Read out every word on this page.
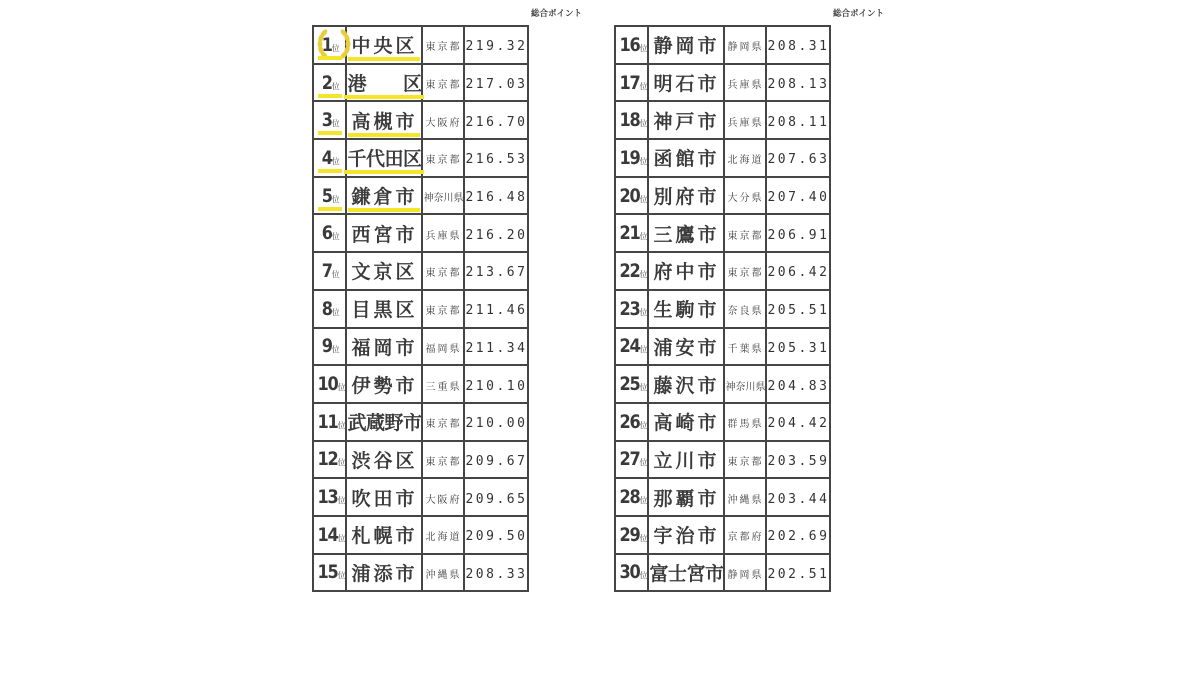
総合ポイント
1位	中央区	東京都	219.32

2位	港　　区	東京都	217.03

3位	高槻市	大阪府	216.70

4位	千代田区	東京都	216.53

5位	鎌倉市	神奈川県	216.48
6位	西宮市	兵庫県	216.20
7位	文京区	東京都	213.67
8位	目黒区	東京都	211.46
9位	福岡市	福岡県	211.34
10位	伊勢市	三重県	210.10
11位	武蔵野市	東京都	210.00
12位	渋谷区	東京都	209.67
13位	吹田市	大阪府	209.65
14位	札幌市	北海道	209.50
15位	浦添市	沖縄県	208.33
総合ポイント
16位	静岡市	静岡県	208.31
17位	明石市	兵庫県	208.13
18位	神戸市	兵庫県	208.11
19位	函館市	北海道	207.63
20位	別府市	大分県	207.40
21位	三鷹市	東京都	206.91
22位	府中市	東京都	206.42
23位	生駒市	奈良県	205.51
24位	浦安市	千葉県	205.31
25位	藤沢市	神奈川県	204.83
26位	高崎市	群馬県	204.42
27位	立川市	東京都	203.59
28位	那覇市	沖縄県	203.44
29位	宇治市	京都府	202.69
30位	富士宮市	静岡県	202.51
